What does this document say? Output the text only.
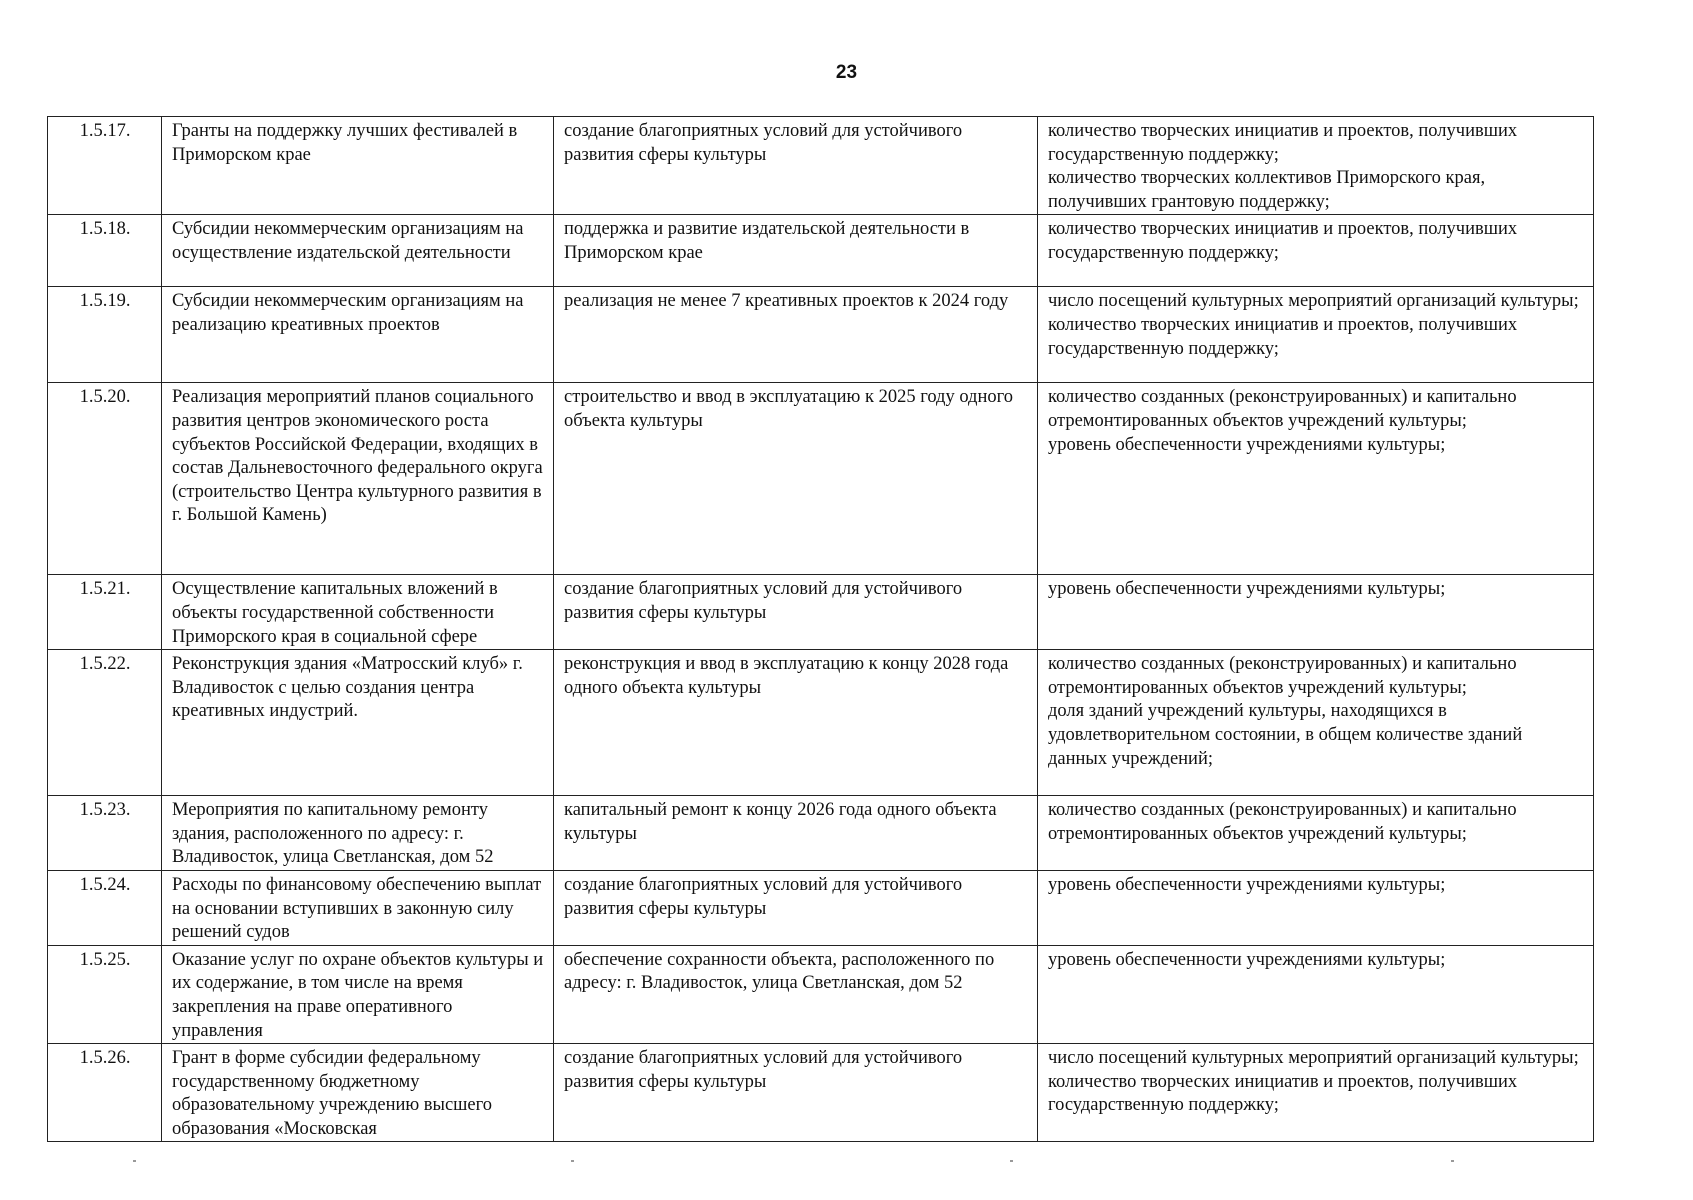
23
1.5.17.	Гранты на поддержку лучших фестивалей в Приморском крае	создание благоприятных условий для устойчивого развития сферы культуры	количество творческих инициатив и проектов, получивших государственную поддержку;
количество творческих коллективов Приморского края, получивших грантовую поддержку;

1.5.18.	Субсидии некоммерческим организациям на осуществление издательской деятельности	поддержка и развитие издательской деятельности в Приморском крае	количество творческих инициатив и проектов, получивших государственную поддержку;

1.5.19.	Субсидии некоммерческим организациям на реализацию креативных проектов	реализация не менее 7 креативных проектов к 2024 году	число посещений культурных мероприятий организаций культуры;
количество творческих инициатив и проектов, получивших государственную поддержку;

1.5.20.	Реализация мероприятий планов социального развития центров экономического роста субъектов Российской Федерации, входящих в состав Дальневосточного федерального округа (строительство Центра культурного развития в г. Большой Камень)	строительство и ввод в эксплуатацию к 2025 году одного объекта культуры	количество созданных (реконструированных) и капитально отремонтированных объектов учреждений культуры;
уровень обеспеченности учреждениями культуры;

1.5.21.	Осуществление капитальных вложений в объекты государственной собственности Приморского края в социальной сфере	создание благоприятных условий для устойчивого развития сферы культуры	уровень обеспеченности учреждениями культуры;

1.5.22.	Реконструкция здания «Матросский клуб» г. Владивосток с целью создания центра креативных индустрий.	реконструкция и ввод в эксплуатацию к концу 2028 года одного объекта культуры	количество созданных (реконструированных) и капитально отремонтированных объектов учреждений культуры;
доля зданий учреждений культуры, находящихся в удовлетворительном состоянии, в общем количестве зданий данных учреждений;

1.5.23.	Мероприятия по капитальному ремонту здания, расположенного по адресу: г. Владивосток, улица Светланская, дом 52	капитальный ремонт к концу 2026 года одного объекта культуры	количество созданных (реконструированных) и капитально отремонтированных объектов учреждений культуры;

1.5.24.	Расходы по финансовому обеспечению выплат на основании вступивших в законную силу решений судов	создание благоприятных условий для устойчивого развития сферы культуры	уровень обеспеченности учреждениями культуры;

1.5.25.	Оказание услуг по охране объектов культуры и их содержание, в том числе на время закрепления на праве оперативного управления	обеспечение сохранности объекта, расположенного по адресу: г. Владивосток, улица Светланская, дом 52	уровень обеспеченности учреждениями культуры;

1.5.26.	Грант в форме субсидии федеральному государственному бюджетному образовательному учреждению высшего образования «Московская	создание благоприятных условий для устойчивого развития сферы культуры	число посещений культурных мероприятий организаций культуры;
количество творческих инициатив и проектов, получивших государственную поддержку;
